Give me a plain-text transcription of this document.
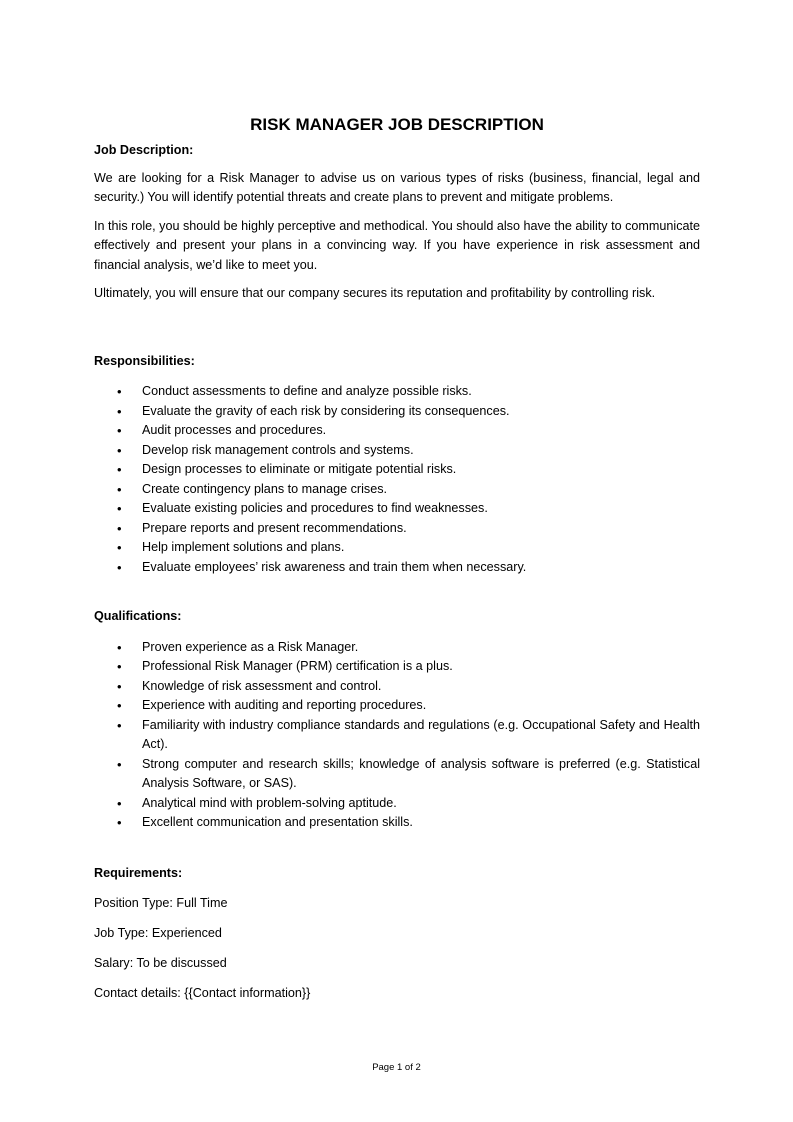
RISK MANAGER JOB DESCRIPTION
Job Description:

We are looking for a Risk Manager to advise us on various types of risks (business, financial, legal and security.) You will identify potential threats and create plans to prevent and mitigate problems.

In this role, you should be highly perceptive and methodical. You should also have the ability to communicate effectively and present your plans in a convincing way. If you have experience in risk assessment and financial analysis, we’d like to meet you.

Ultimately, you will ensure that our company secures its reputation and profitability by controlling risk.

Responsibilities:
• Conduct assessments to define and analyze possible risks.
• Evaluate the gravity of each risk by considering its consequences.
• Audit processes and procedures.
• Develop risk management controls and systems.
• Design processes to eliminate or mitigate potential risks.
• Create contingency plans to manage crises.
• Evaluate existing policies and procedures to find weaknesses.
• Prepare reports and present recommendations.
• Help implement solutions and plans.
• Evaluate employees’ risk awareness and train them when necessary.
Qualifications:
• Proven experience as a Risk Manager.
• Professional Risk Manager (PRM) certification is a plus.
• Knowledge of risk assessment and control.
• Experience with auditing and reporting procedures.
• Familiarity with industry compliance standards and regulations (e.g. Occupational Safety and Health Act).
• Strong computer and research skills; knowledge of analysis software is preferred (e.g. Statistical Analysis Software, or SAS).
• Analytical mind with problem-solving aptitude.
• Excellent communication and presentation skills.
Requirements:
Position Type: Full Time
Job Type: Experienced
Salary: To be discussed
Contact details: {{Contact information}}
Page 1 of 2
